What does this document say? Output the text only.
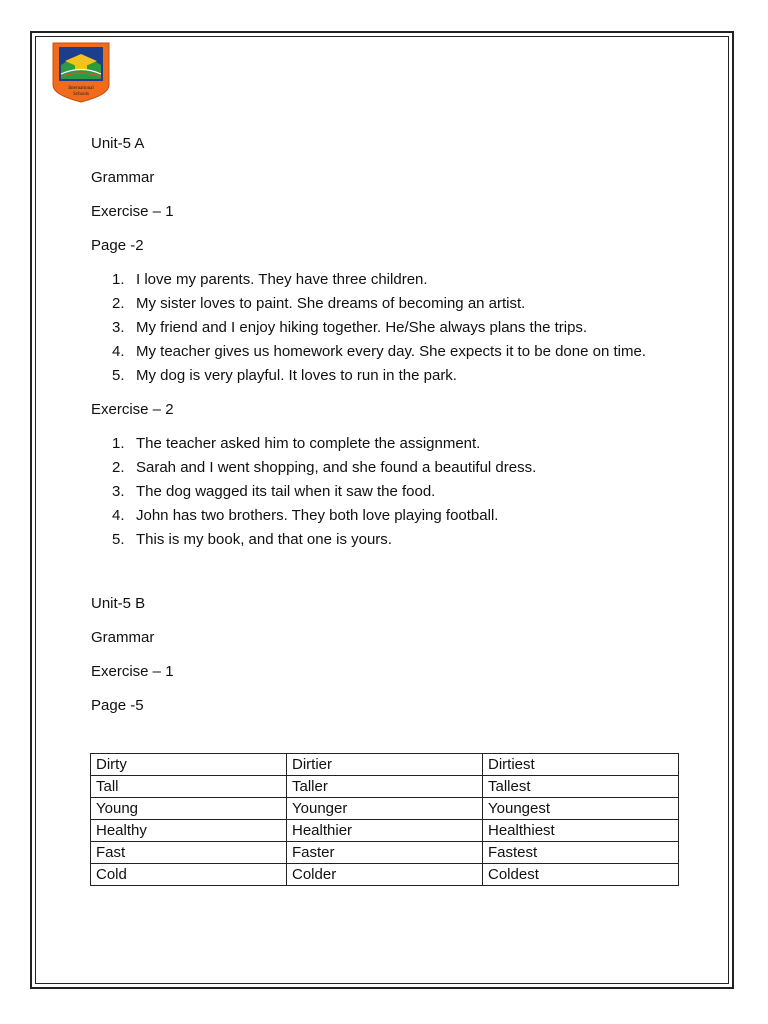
International
Schools

Unit-5 A

Grammar

Exercise – 1

Page -2

1. I love my parents. They have three children.
2. My sister loves to paint. She dreams of becoming an artist.
3. My friend and I enjoy hiking together. He/She always plans the trips.
4. My teacher gives us homework every day. She expects it to be done on time.
5. My dog is very playful. It loves to run in the park.

Exercise – 2

1. The teacher asked him to complete the assignment.
2. Sarah and I went shopping, and she found a beautiful dress.
3. The dog wagged its tail when it saw the food.
4. John has two brothers. They both love playing football.
5. This is my book, and that one is yours.

Unit-5 B

Grammar

Exercise – 1

Page -5

Dirty	Dirtier	Dirtiest
Tall	Taller	Tallest
Young	Younger	Youngest
Healthy	Healthier	Healthiest
Fast	Faster	Fastest
Cold	Colder	Coldest
